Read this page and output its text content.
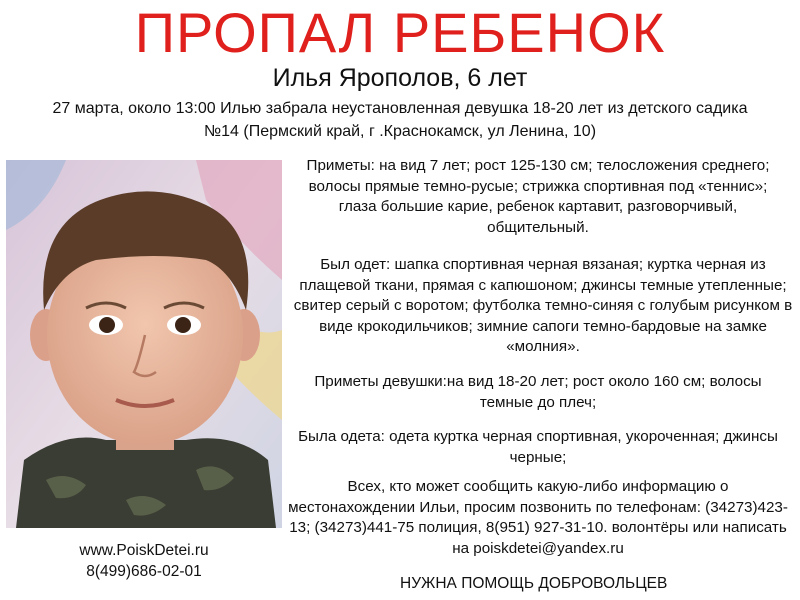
ПРОПАЛ РЕБЕНОК
Илья Ярополов, 6 лет
27 марта, около 13:00 Илью забрала неустановленная девушка 18-20 лет из детского садика
№14 (Пермский край, г .Краснокамск, ул Ленина, 10)
www.PoiskDetei.ru
8(499)686-02-01
Приметы: на вид 7 лет; рост 125-130 см; телосложения среднего; волосы прямые темно-русые; стрижка спортивная под «теннис»; глаза большие карие, ребенок картавит, разговорчивый, общительный.
Был одет: шапка спортивная черная вязаная; куртка черная из плащевой ткани, прямая с капюшоном; джинсы темные утепленные; свитер серый с воротом; футболка темно-синяя с голубым рисунком в виде крокодильчиков; зимние сапоги темно-бардовые на замке «молния».
Приметы девушки:на вид 18-20 лет; рост около 160 см; волосы темные до плеч;
Была одета: одета куртка черная спортивная, укороченная; джинсы черные;
Всех, кто может сообщить какую-либо информацию о местонахождении Ильи, просим позвонить по телефонам: (34273)423-13; (34273)441-75 полиция, 8(951) 927-31-10. волонтёры или написать на poiskdetei@yandex.ru
НУЖНА ПОМОЩЬ ДОБРОВОЛЬЦЕВ
